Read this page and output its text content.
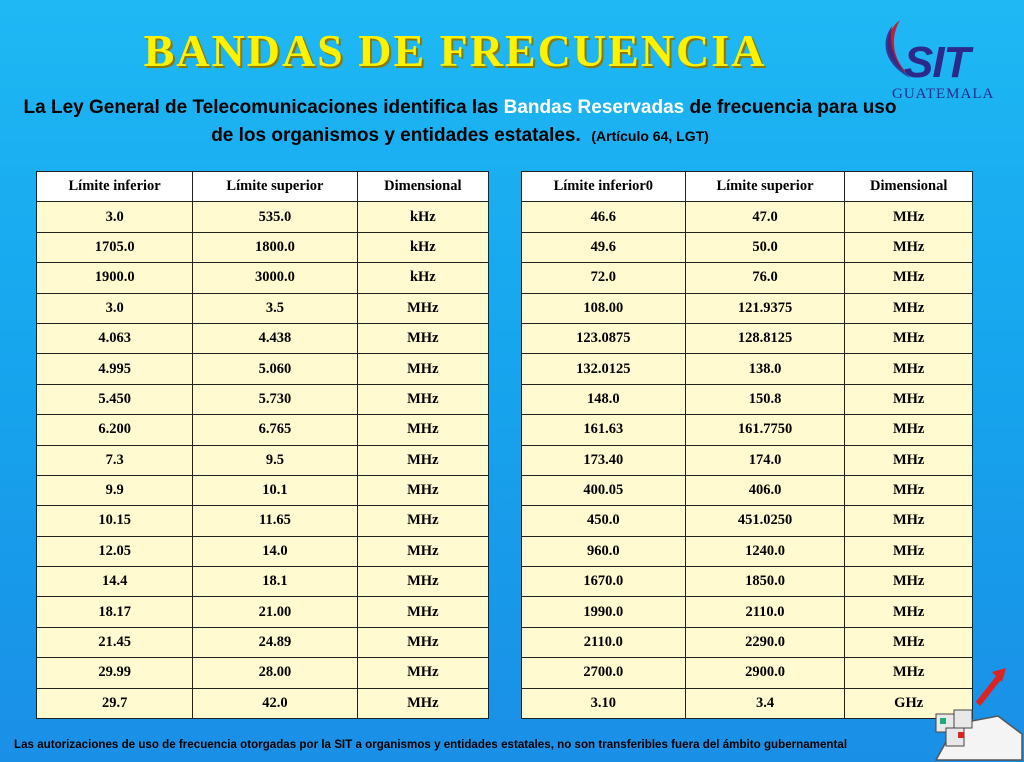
BANDAS DE FRECUENCIA
La Ley General de Telecomunicaciones identifica las Bandas Reservadas de frecuencia para uso de los organismos y entidades estatales. (Artículo 64, LGT)
SIT
GUATEMALA
Límite inferior	Límite superior	Dimensional
3.0	535.0	kHz
1705.0	1800.0	kHz
1900.0	3000.0	kHz
3.0	3.5	MHz
4.063	4.438	MHz
4.995	5.060	MHz
5.450	5.730	MHz
6.200	6.765	MHz
7.3	9.5	MHz
9.9	10.1	MHz
10.15	11.65	MHz
12.05	14.0	MHz
14.4	18.1	MHz
18.17	21.00	MHz
21.45	24.89	MHz
29.99	28.00	MHz
29.7	42.0	MHz
Límite inferior0	Límite superior	Dimensional
46.6	47.0	MHz
49.6	50.0	MHz
72.0	76.0	MHz
108.00	121.9375	MHz
123.0875	128.8125	MHz
132.0125	138.0	MHz
148.0	150.8	MHz
161.63	161.7750	MHz
173.40	174.0	MHz
400.05	406.0	MHz
450.0	451.0250	MHz
960.0	1240.0	MHz
1670.0	1850.0	MHz
1990.0	2110.0	MHz
2110.0	2290.0	MHz
2700.0	2900.0	MHz
3.10	3.4	GHz
Las autorizaciones de uso de frecuencia otorgadas por la SIT a organismos y entidades estatales, no son transferibles fuera del ámbito gubernamental
